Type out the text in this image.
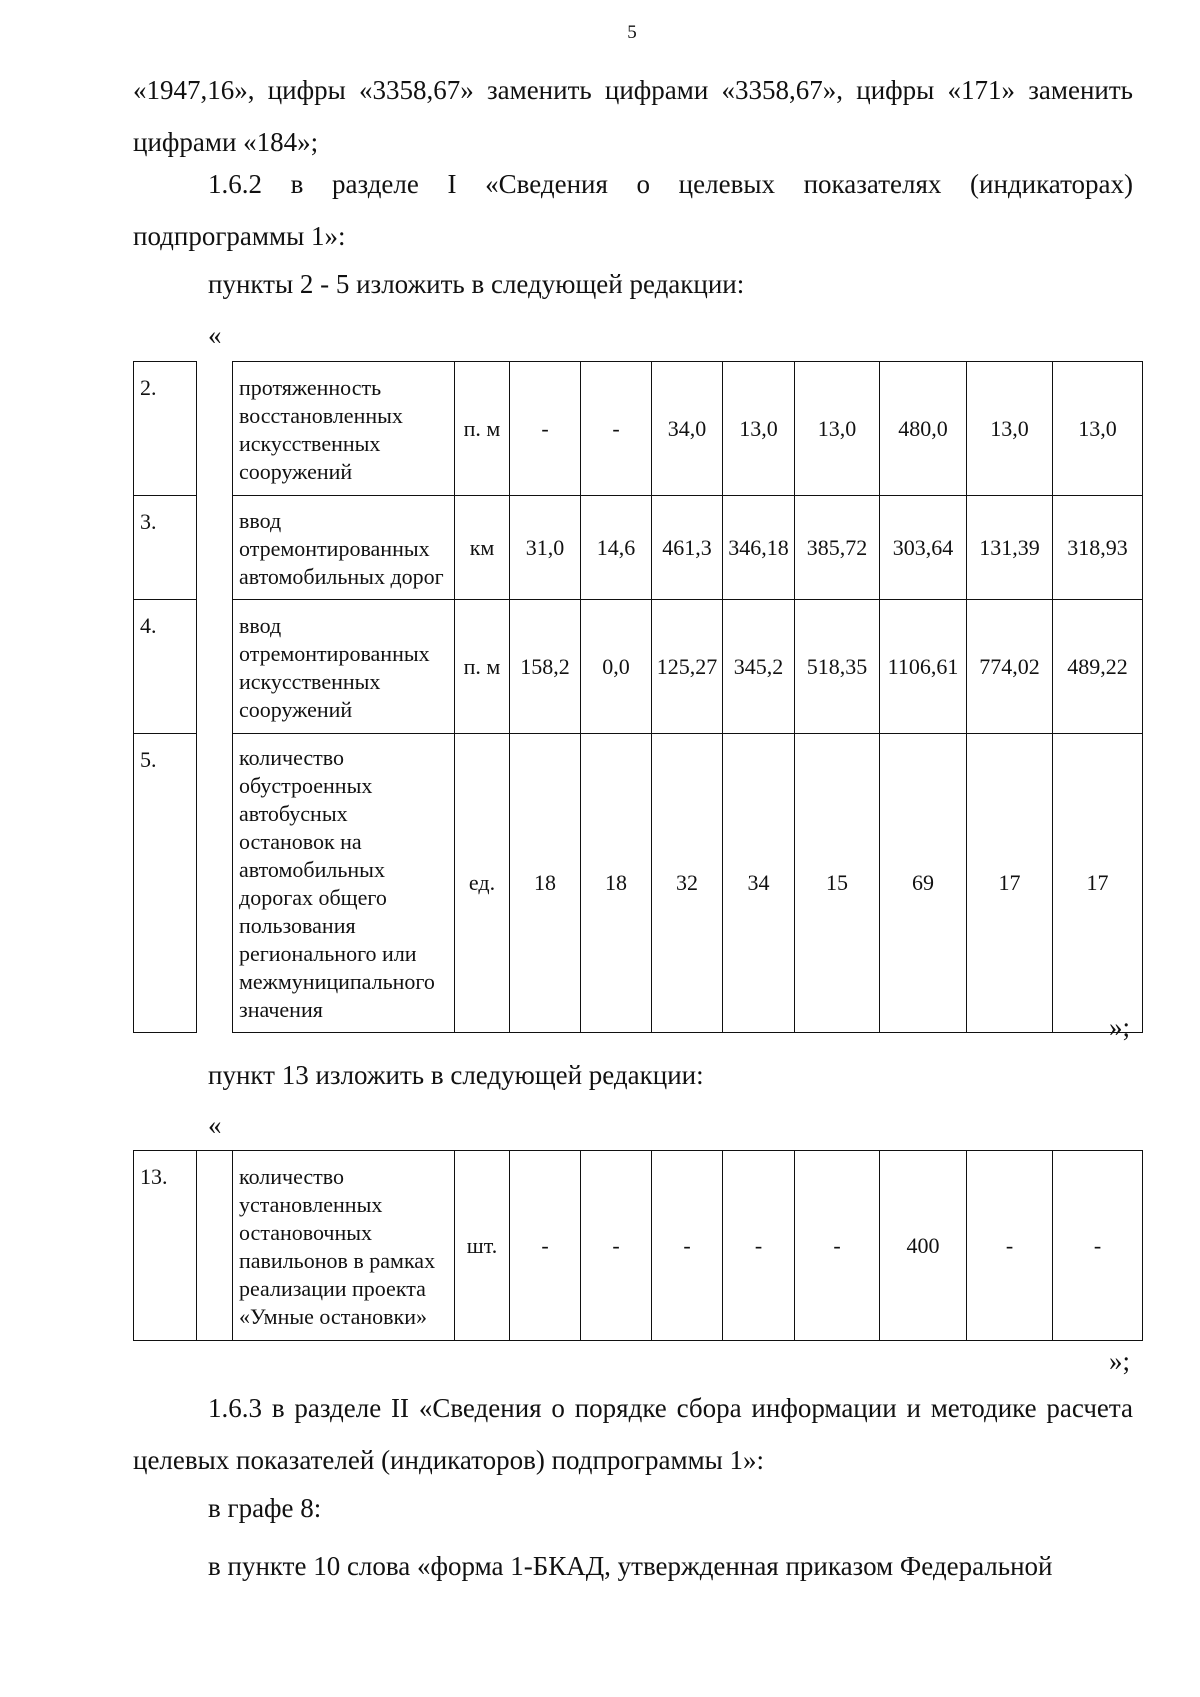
5
«1947,16», цифры «3358,67» заменить цифрами «3358,67», цифры «171» заменить цифрами «184»;
1.6.2 в разделе I «Сведения о целевых показателях (индикаторах) подпрограммы 1»:
пункты 2 - 5 изложить в следующей редакции:
«
2.		протяженность восстановленных искусственных сооружений	п. м	-	-	34,0	13,0	13,0	480,0	13,0	13,0
3.		ввод отремонтированных автомобильных дорог	км	31,0	14,6	461,3	346,18	385,72	303,64	131,39	318,93
4.		ввод отремонтированных искусственных сооружений	п. м	158,2	0,0	125,27	345,2	518,35	1106,61	774,02	489,22
5.		количество обустроенных автобусных остановок на автомобильных дорогах общего пользования регионального или межмуниципального значения	ед.	18	18	32	34	15	69	17	17
»;
пункт 13 изложить в следующей редакции:
«
13.		количество установленных остановочных павильонов в рамках реализации проекта «Умные остановки»	шт.	-	-	-	-	-	400	-	-
»;
1.6.3 в разделе II «Сведения о порядке сбора информации и методике расчета целевых показателей (индикаторов) подпрограммы 1»:
в графе 8:
в пункте 10 слова «форма 1-БКАД, утвержденная приказом Федеральной
